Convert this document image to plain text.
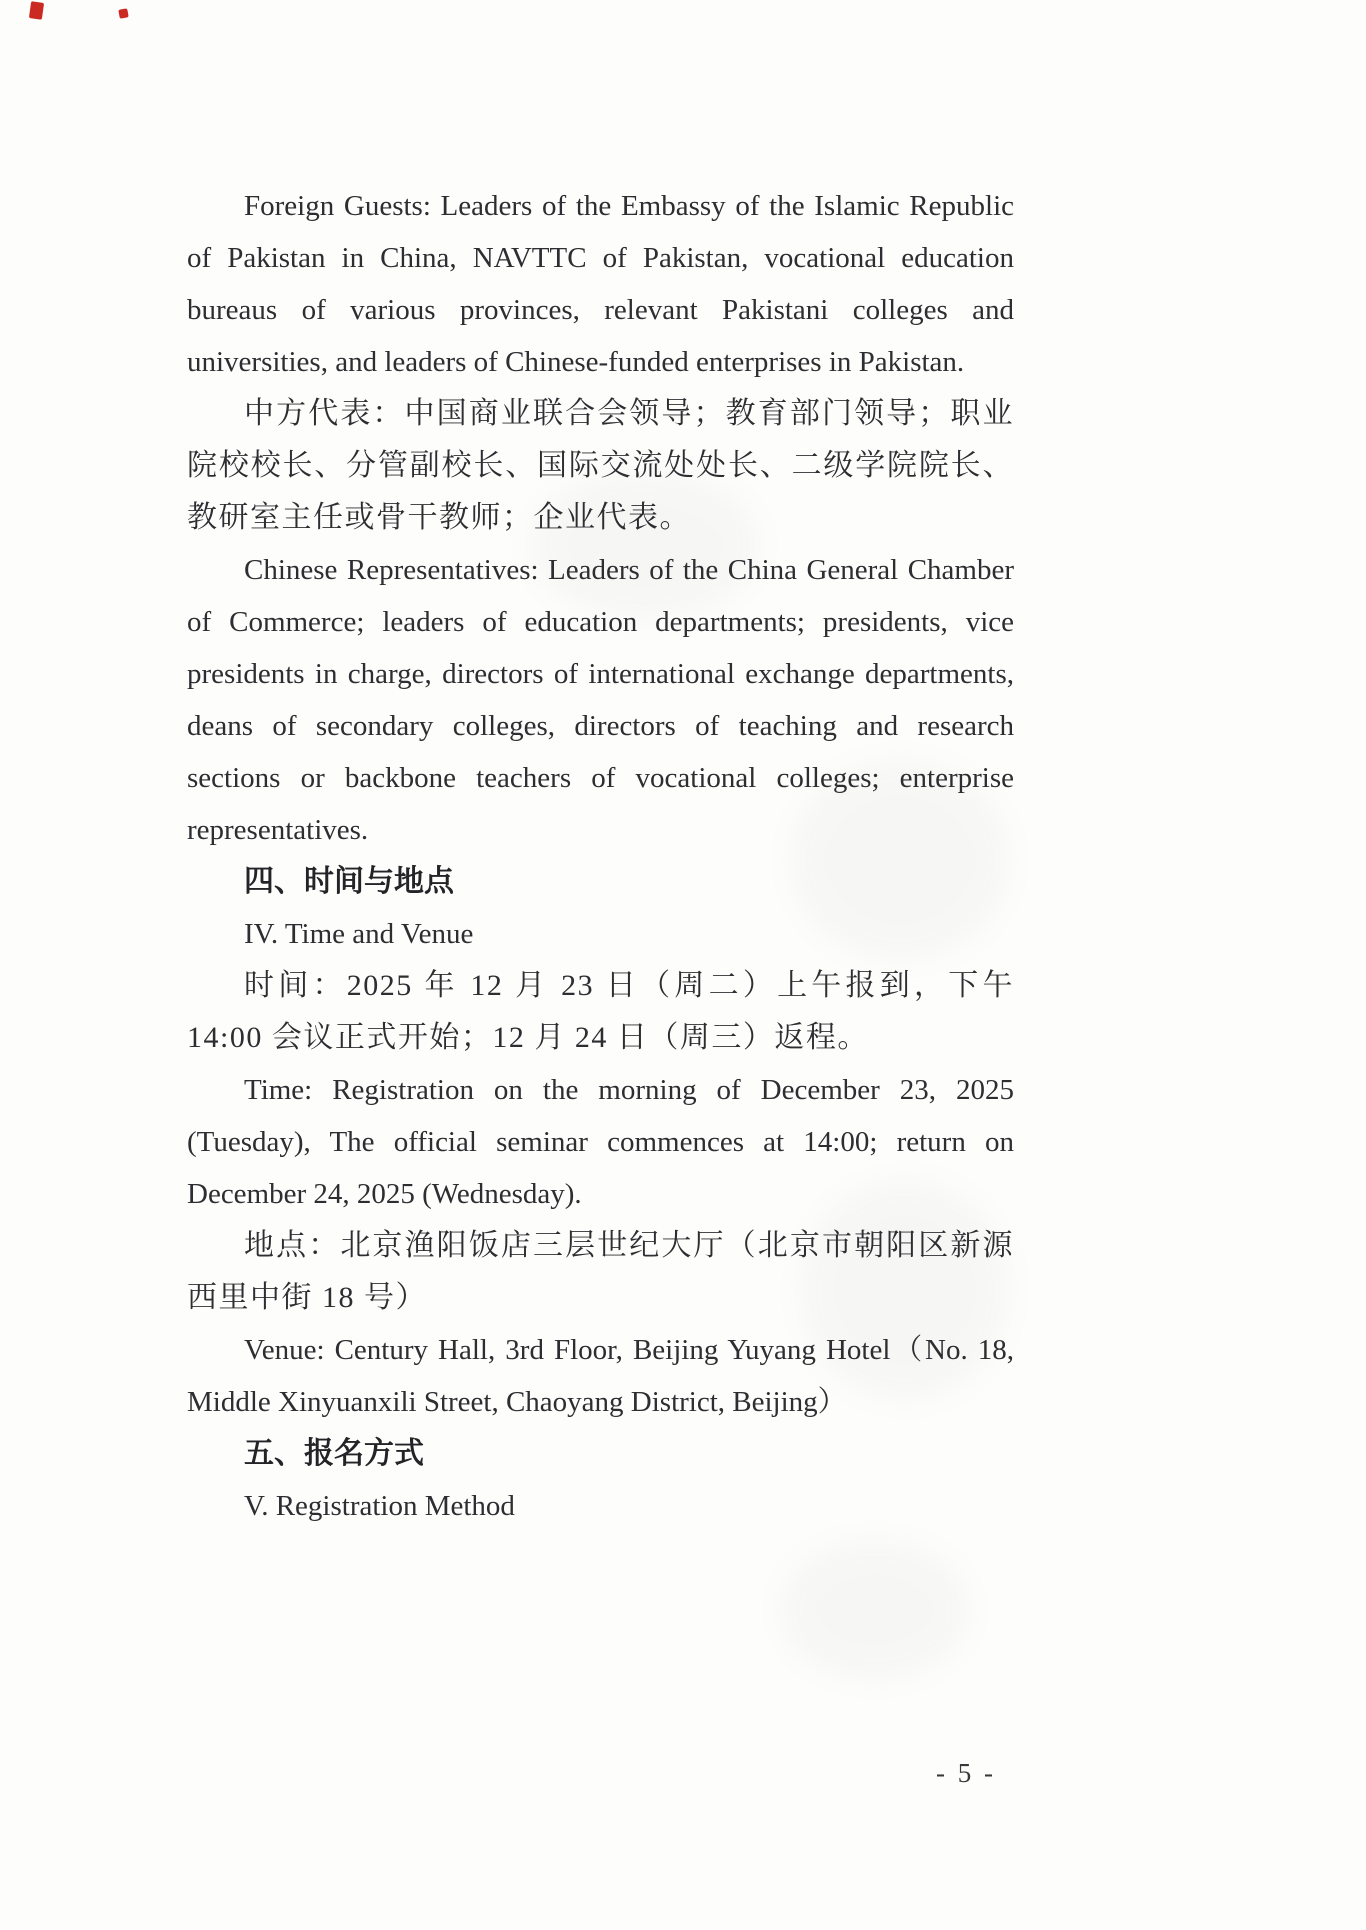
Foreign Guests: Leaders of the Embassy of the Islamic Republic of Pakistan in China, NAVTTC of Pakistan, vocational education bureaus of various provinces, relevant Pakistani colleges and universities, and leaders of Chinese-funded enterprises in Pakistan.

中方代表：中国商业联合会领导；教育部门领导；职业院校校长、分管副校长、国际交流处处长、二级学院院长、教研室主任或骨干教师；企业代表。

Chinese Representatives: Leaders of the China General Chamber of Commerce; leaders of education departments; presidents, vice presidents in charge, directors of international exchange departments, deans of secondary colleges, directors of teaching and research sections or backbone teachers of vocational colleges; enterprise representatives.

四、时间与地点

IV. Time and Venue

时间：2025 年 12 月 23 日（周二）上午报到，下午 14:00 会议正式开始；12 月 24 日（周三）返程。

Time: Registration on the morning of December 23, 2025 (Tuesday), The official seminar commences at 14:00; return on December 24, 2025 (Wednesday).

地点：北京渔阳饭店三层世纪大厅（北京市朝阳区新源西里中街 18 号）

Venue: Century Hall, 3rd Floor, Beijing Yuyang Hotel（No. 18, Middle Xinyuanxili Street, Chaoyang District, Beijing）

五、报名方式

V. Registration Method

- 5 -
